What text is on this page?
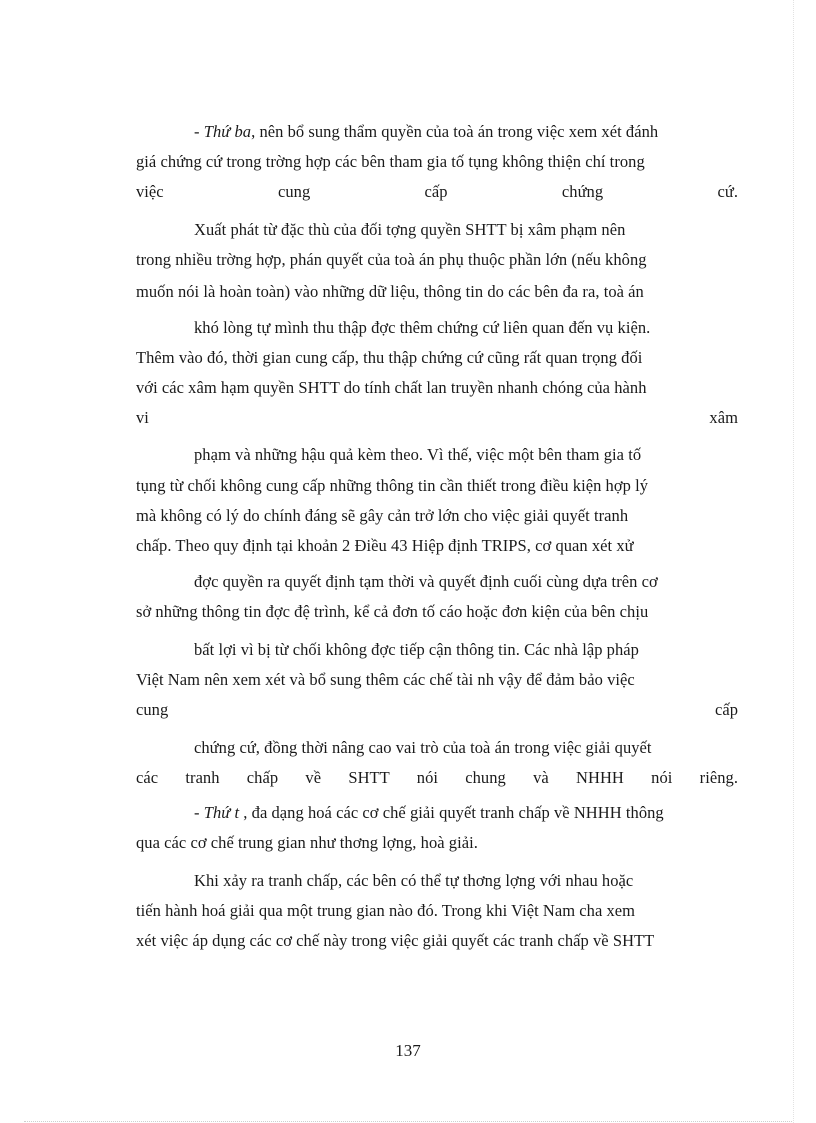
- Thứ ba, nên bổ sung thẩm quyền của toà án trong việc xem xét đánh
giá chứng cứ trong trờng hợp các bên tham gia tố tụng không thiện chí trong
việc cung cấp chứng cứ.
Xuất phát từ đặc thù của đối tợng quyền SHTT bị xâm phạm nên
trong nhiều trờng hợp, phán quyết của toà án phụ thuộc phần lớn (nếu không
muốn nói là hoàn toàn) vào những dữ liệu, thông tin do các bên đa ra, toà án
khó lòng tự mình thu thập đợc thêm chứng cứ liên quan đến vụ kiện.
Thêm vào đó, thời gian cung cấp, thu thập chứng cứ cũng rất quan trọng đối
với các xâm hạm quyền SHTT do tính chất lan truyền nhanh chóng của hành
vi xâm
phạm và những hậu quả kèm theo. Vì thế, việc một bên tham gia tố
tụng từ chối không cung cấp những thông tin cần thiết trong điều kiện hợp lý
mà không có lý do chính đáng sẽ gây cản trở lớn cho việc giải quyết tranh
chấp. Theo quy định tại khoản 2 Điều 43 Hiệp định TRIPS, cơ quan xét xử
đợc quyền ra quyết định tạm thời và quyết định cuối cùng dựa trên cơ
sở những thông tin đợc đệ trình, kể cả đơn tố cáo hoặc đơn kiện của bên chịu
bất lợi vì bị từ chối không đợc tiếp cận thông tin. Các nhà lập pháp
Việt Nam nên xem xét và bổ sung thêm các chế tài nh vậy để đảm bảo việc
cung cấp
chứng cứ, đồng thời nâng cao vai trò của toà án trong việc giải quyết
các tranh chấp về SHTT nói chung và NHHH nói riêng.
- Thứ t , đa dạng hoá các cơ chế giải quyết tranh chấp về NHHH thông
qua các cơ chế trung gian như thơng lợng, hoà giải.
Khi xảy ra tranh chấp, các bên có thể tự thơng lợng với nhau hoặc
tiến hành hoá giải qua một trung gian nào đó. Trong khi Việt Nam cha xem
xét việc áp dụng các cơ chế này trong việc giải quyết các tranh chấp về SHTT
137
